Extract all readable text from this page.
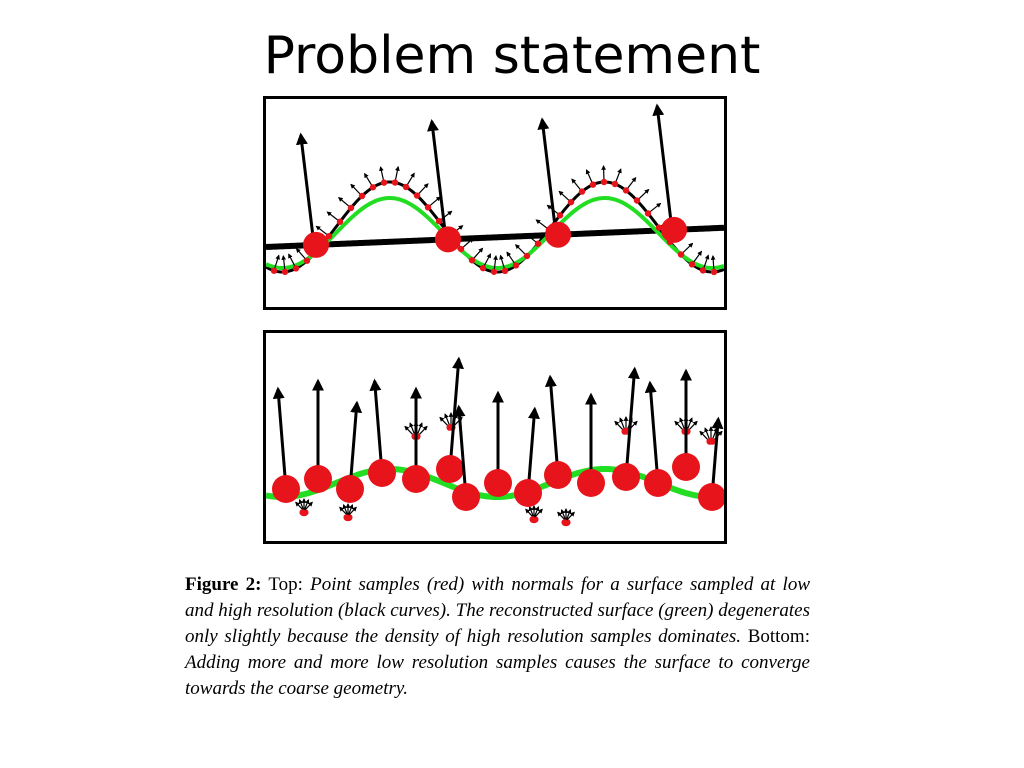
Problem statement
Figure 2: Top: Point samples (red) with normals for a surface sampled at low and high resolution (black curves). The reconstructed surface (green) degenerates only slightly because the density of high resolution samples dominates. Bottom: Adding more and more low resolution samples causes the surface to converge towards the coarse geometry.
